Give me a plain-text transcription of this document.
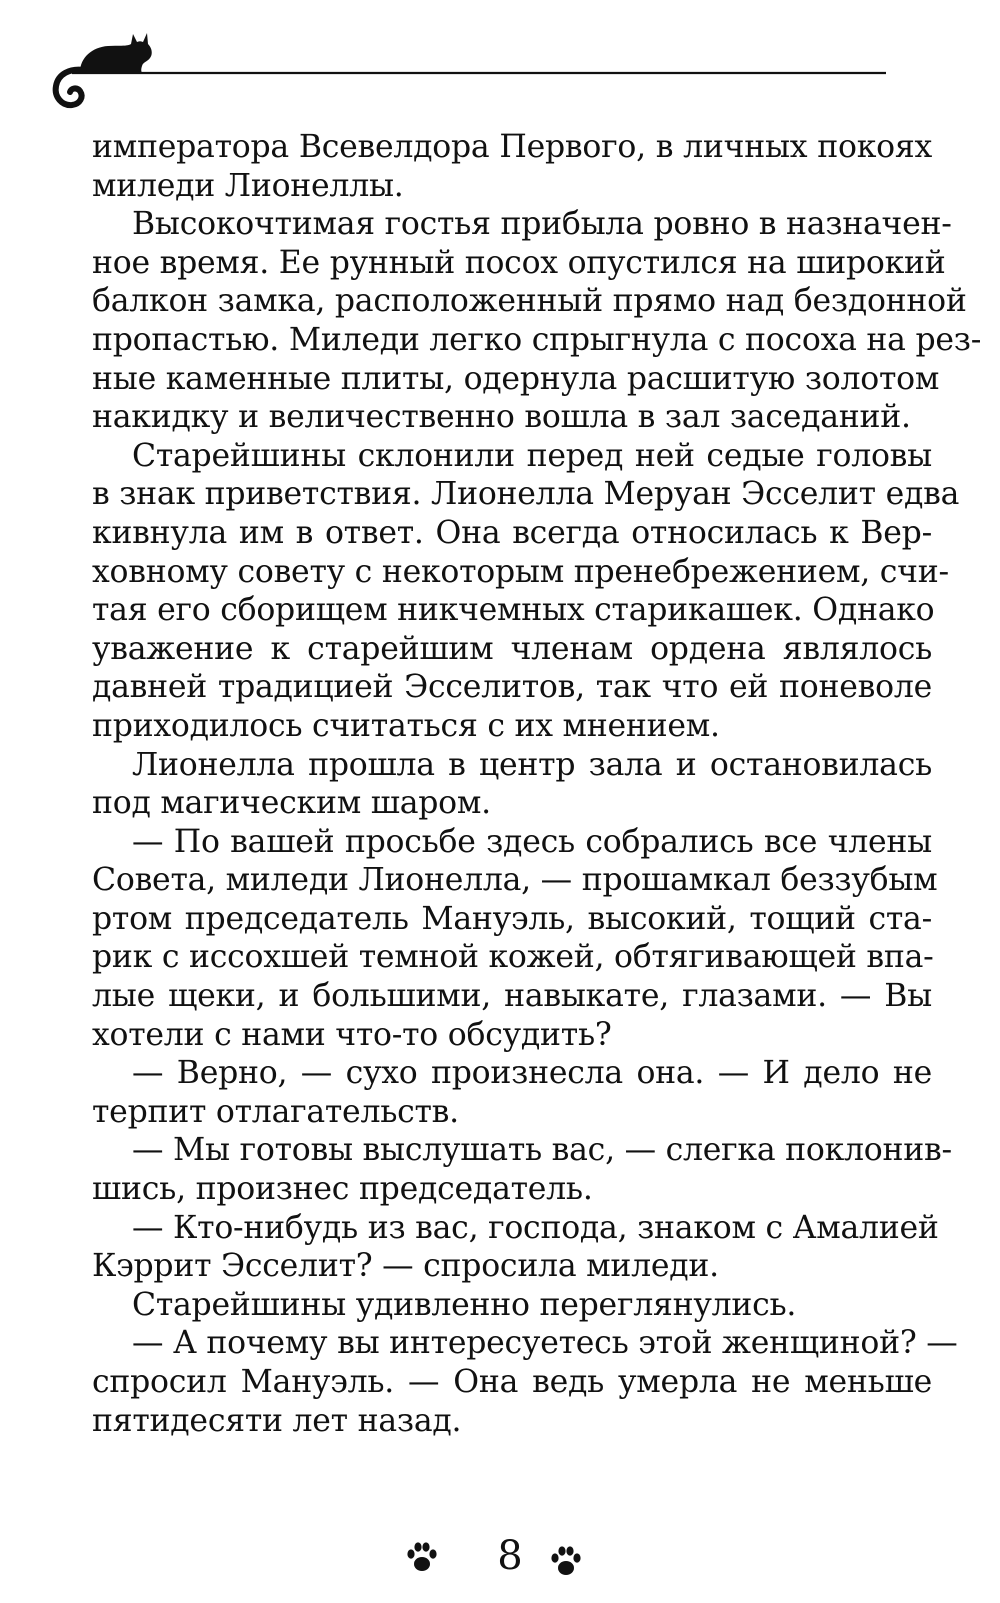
императора Всевелдора Первого, в личных покоях
миледи Лионеллы.
Высокочтимая гостья прибыла ровно в назначен-
ное время. Ее рунный посох опустился на широкий
балкон замка, расположенный прямо над бездонной
пропастью. Миледи легко спрыгнула с посоха на рез-
ные каменные плиты, одернула расшитую золотом
накидку и величественно вошла в зал заседаний.
Старейшины склонили перед ней седые головы
в знак приветствия. Лионелла Меруан Эсселит едва
кивнула им в ответ. Она всегда относилась к Вер-
ховному совету с некоторым пренебрежением, счи-
тая его сборищем никчемных старикашек. Однако
уважение к старейшим членам ордена являлось
давней традицией Эсселитов, так что ей поневоле
приходилось считаться с их мнением.
Лионелла прошла в центр зала и остановилась
под магическим шаром.
— По вашей просьбе здесь собрались все члены
Совета, миледи Лионелла, — прошамкал беззубым
ртом председатель Мануэль, высокий, тощий ста-
рик с иссохшей темной кожей, обтягивающей впа-
лые щеки, и большими, навыкате, глазами. — Вы
хотели с нами что-то обсудить?
— Верно, — сухо произнесла она. — И дело не
терпит отлагательств.
— Мы готовы выслушать вас, — слегка поклонив-
шись, произнес председатель.
— Кто-нибудь из вас, господа, знаком с Амалией
Кэррит Эсселит? — спросила миледи.
Старейшины удивленно переглянулись.
— А почему вы интересуетесь этой женщиной? —
спросил Мануэль. — Она ведь умерла не меньше
пятидесяти лет назад.
8
